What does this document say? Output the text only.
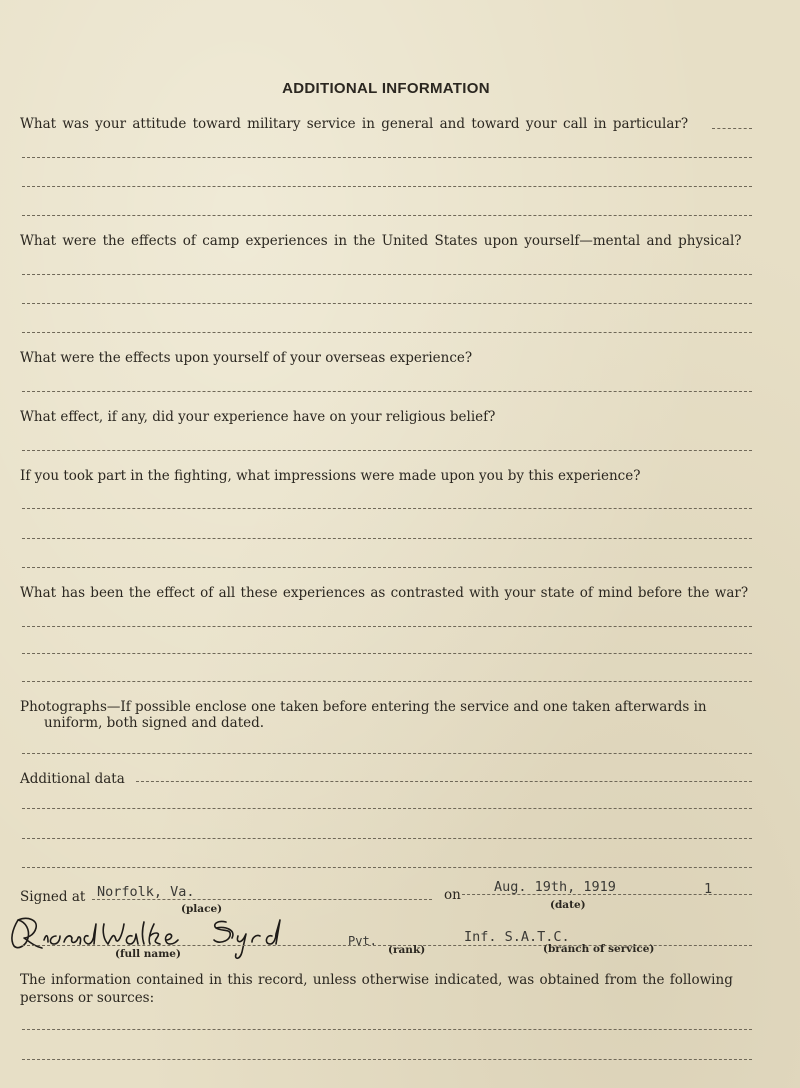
ADDITIONAL INFORMATION
What was your attitude toward military service in general and toward your call in particular?
What were the effects of camp experiences in the United States upon yourself—mental and physical?
What were the effects upon yourself of your overseas experience?
What effect, if any, did your experience have on your religious belief?
If you took part in the fighting, what impressions were made upon you by this experience?
What has been the effect of all these experiences as contrasted with your state of mind before the war?
Photographs—If possible enclose one taken before entering the service and one taken afterwards in
uniform, both signed and dated.
Additional data
Signed at Norfolk, Va.
(place)
on Aug. 19th, 1919	1
(date)
Pvt.
(full name)	(rank)
Inf. S.A.T.C.
(branch of service)
The information contained in this record, unless otherwise indicated, was obtained from the following
persons or sources:
